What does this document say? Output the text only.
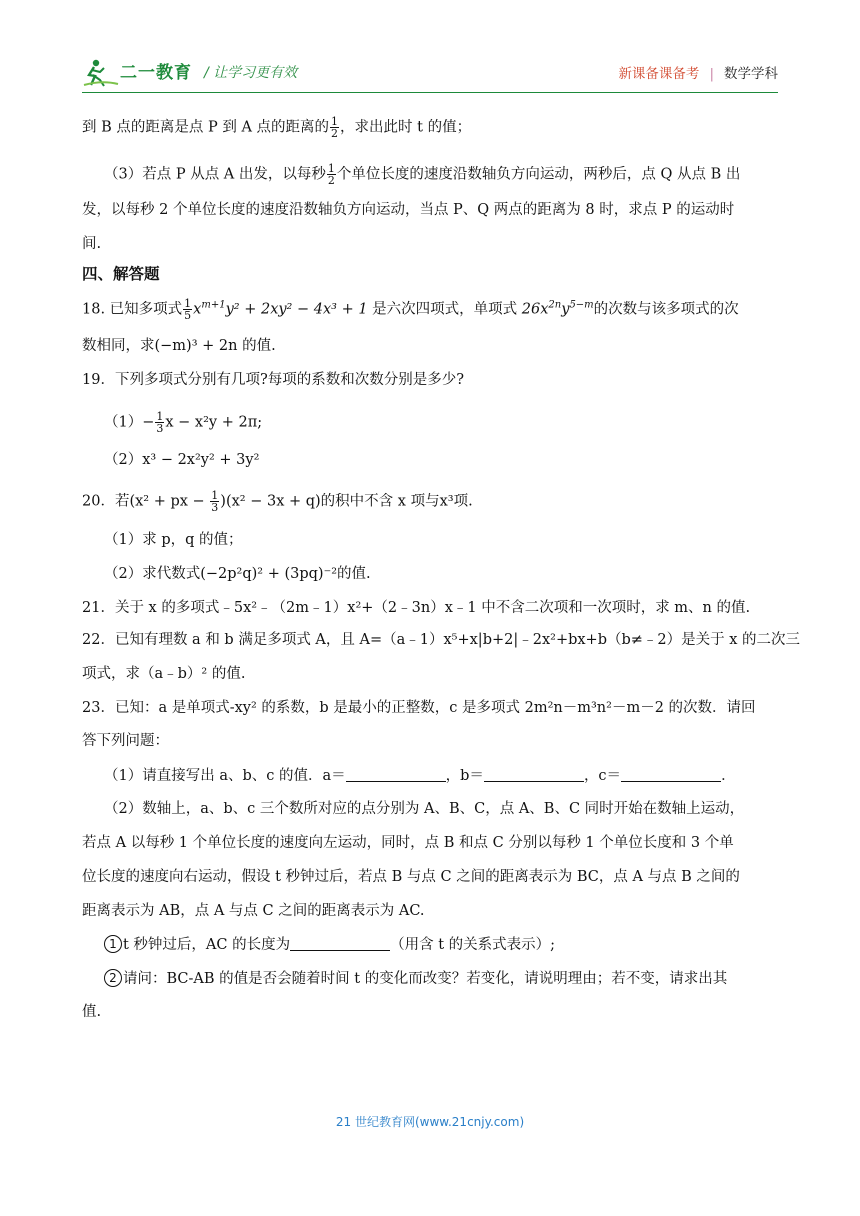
二一教育 / 让学习更有效	新课备课备考 | 数学学科
到 B 点的距离是点 P 到 A 点的距离的 $\frac{1}{2}$ ，求出此时 t 的值；
（3）若点 P 从点 A 出发，以每秒 $\frac{1}{2}$ 个单位长度的速度沿数轴负方向运动，两秒后，点 Q 从点 B 出
发，以每秒 2 个单位长度的速度沿数轴负方向运动，当点 P、Q 两点的距离为 8 时，求点 P 的运动时
间.
四、解答题
18. 已知多项式 $\frac{1}{5} x^{m+1}y^2 + 2xy^2 - 4x^3 + 1$ 是六次四项式，单项式 $26x^{2n}y^{5-m}$的次数与该多项式的次
数相同，求(−m)³ + 2n 的值.
19．下列多项式分别有几项?每项的系数和次数分别是多少?
$(1)- \frac{1}{3}$ x − x²y + 2π;
（2）x³ − 2x²y² + 3y²
20．若(x² + px − $\frac{1}{3} )(x^2 - 3x + q)$的积中不含 x 项与x³项.
（1）求 p，q 的值；
（2）求代数式(−2p²q)² + (3pq)⁻²的值.
21．关于 x 的多项式﹣5x²﹣（2m﹣1）x²+（2﹣3n）x﹣1 中不含二次项和一次项时，求 m、n 的值.
22．已知有理数 a 和 b 满足多项式 A，且 A=（a﹣1）x⁵+x|b+2|﹣2x²+bx+b（b≠﹣2）是关于 x 的二次三
项式，求（a﹣b）² 的值.
23．已知：a 是单项式-xy² 的系数，b 是最小的正整数，c 是多项式 2m²n－m³n²－m－2 的次数．请回
答下列问题：
（1）请直接写出 a、b、c 的值．a＝	，b＝	，c＝	．
（2）数轴上，a、b、c 三个数所对应的点分别为 A、B、C，点 A、B、C 同时开始在数轴上运动，
若点 A 以每秒 1 个单位长度的速度向左运动，同时，点 B 和点 C 分别以每秒 1 个单位长度和 3 个单
位长度的速度向右运动，假设 t 秒钟过后，若点 B 与点 C 之间的距离表示为 BC，点 A 与点 B 之间的
距离表示为 AB，点 A 与点 C 之间的距离表示为 AC.
1 t 秒钟过后，AC 的长度为	（用含 t 的关系式表示）;
2 请问：BC-AB 的值是否会随着时间 t 的变化而改变？若变化，请说明理由；若不变，请求出其
值.
21 世纪教育网(www.21cnjy.com)
